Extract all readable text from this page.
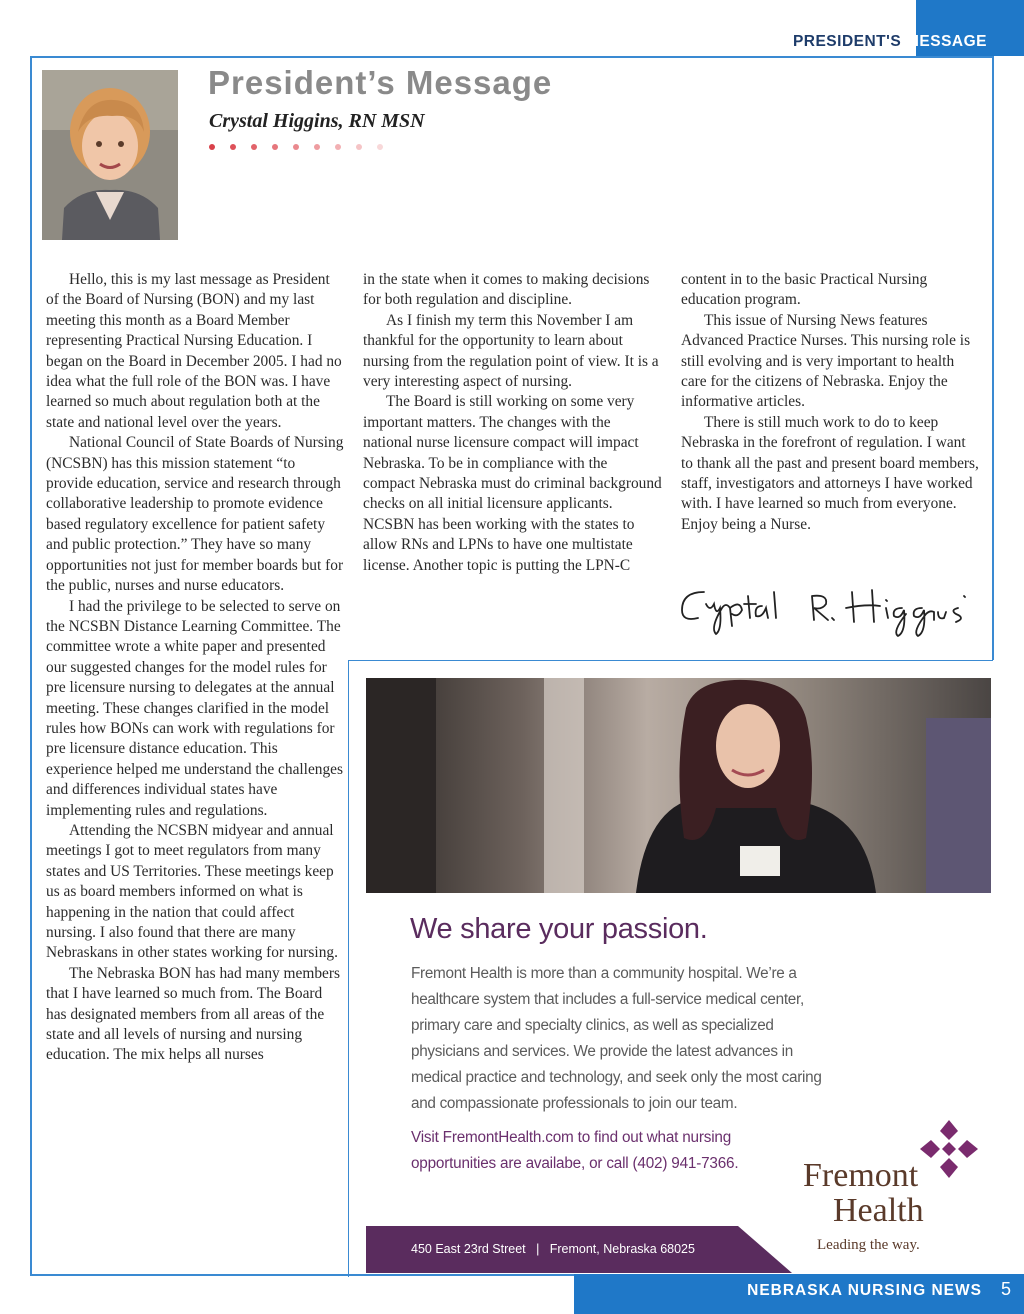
PRESIDENT'S MESSAGE
President’s Message
Crystal Higgins, RN MSN

Hello, this is my last message as President of the Board of Nursing (BON) and my last meeting this month as a Board Member representing Practical Nursing Education. I began on the Board in December 2005. I had no idea what the full role of the BON was. I have learned so much about regulation both at the state and national level over the years.

National Council of State Boards of Nursing (NCSBN) has this mission statement “to provide education, service and research through collaborative leadership to promote evidence based regulatory excellence for patient safety and public protection.” They have so many opportunities not just for member boards but for the public, nurses and nurse educators.

I had the privilege to be selected to serve on the NCSBN Distance Learning Committee. The committee wrote a white paper and presented our suggested changes for the model rules for pre licensure nursing to delegates at the annual meeting. These changes clarified in the model rules how BONs can work with regulations for pre licensure distance education. This experience helped me understand the challenges and differences individual states have implementing rules and regulations.

Attending the NCSBN midyear and annual meetings I got to meet regulators from many states and US Territories. These meetings keep us as board members informed on what is happening in the nation that could affect nursing. I also found that there are many Nebraskans in other states working for nursing.

The Nebraska BON has had many members that I have learned so much from. The Board has designated members from all areas of the state and all levels of nursing and nursing education. The mix helps all nurses

in the state when it comes to making decisions for both regulation and discipline.

As I finish my term this November I am thankful for the opportunity to learn about nursing from the regulation point of view. It is a very interesting aspect of nursing.

The Board is still working on some very important matters. The changes with the national nurse licensure compact will impact Nebraska. To be in compliance with the compact Nebraska must do criminal background checks on all initial licensure applicants. NCSBN has been working with the states to allow RNs and LPNs to have one multistate license. Another topic is putting the LPN-C

content in to the basic Practical Nursing education program.

This issue of Nursing News features Advanced Practice Nurses. This nursing role is still evolving and is very important to health care for the citizens of Nebraska. Enjoy the informative articles.

There is still much work to do to keep Nebraska in the forefront of regulation. I want to thank all the past and present board members, staff, investigators and attorneys I have worked with. I have learned so much from everyone. Enjoy being a Nurse.

We share your passion.
Fremont Health is more than a community hospital. We’re a healthcare system that includes a full-service medical center, primary care and specialty clinics, as well as specialized physicians and services. We provide the latest advances in medical practice and technology, and seek only the most caring and compassionate professionals to join our team.
Visit FremontHealth.com to find out what nursing opportunities are availabe, or call (402) 941-7366.
450 East 23rd Street   |   Fremont, Nebraska 68025
Fremont
Health
Leading the way.
NEBRASKA NURSING NEWS 5
